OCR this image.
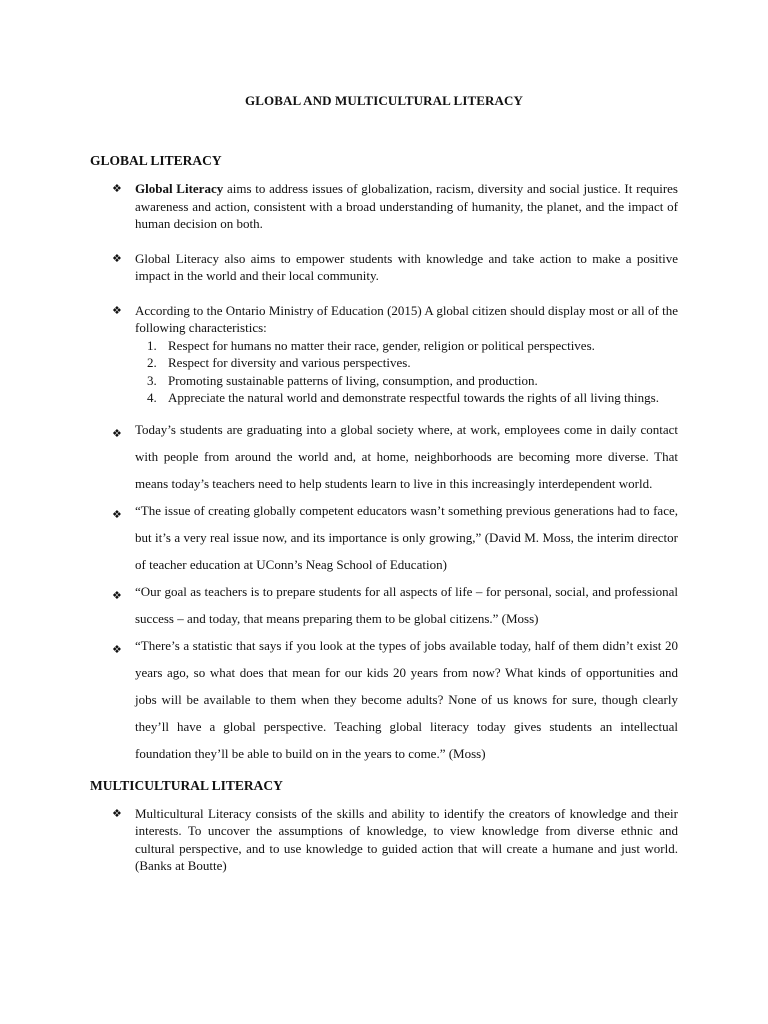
GLOBAL AND MULTICULTURAL LITERACY
GLOBAL LITERACY
❖ Global Literacy aims to address issues of globalization, racism, diversity and social justice. It requires awareness and action, consistent with a broad understanding of humanity, the planet, and the impact of human decision on both.
❖ Global Literacy also aims to empower students with knowledge and take action to make a positive impact in the world and their local community.
❖ According to the Ontario Ministry of Education (2015) A global citizen should display most or all of the following characteristics:
1. Respect for humans no matter their race, gender, religion or political perspectives.
2. Respect for diversity and various perspectives.
3. Promoting sustainable patterns of living, consumption, and production.
4. Appreciate the natural world and demonstrate respectful towards the rights of all living things.
❖ Today’s students are graduating into a global society where, at work, employees come in daily contact with people from around the world and, at home, neighborhoods are becoming more diverse. That means today’s teachers need to help students learn to live in this increasingly interdependent world.
❖ “The issue of creating globally competent educators wasn’t something previous generations had to face, but it’s a very real issue now, and its importance is only growing,” (David M. Moss, the interim director of teacher education at UConn’s Neag School of Education)
❖ “Our goal as teachers is to prepare students for all aspects of life – for personal, social, and professional success – and today, that means preparing them to be global citizens.” (Moss)
❖ “There’s a statistic that says if you look at the types of jobs available today, half of them didn’t exist 20 years ago, so what does that mean for our kids 20 years from now? What kinds of opportunities and jobs will be available to them when they become adults? None of us knows for sure, though clearly they’ll have a global perspective. Teaching global literacy today gives students an intellectual foundation they’ll be able to build on in the years to come.” (Moss)
MULTICULTURAL LITERACY
❖ Multicultural Literacy consists of the skills and ability to identify the creators of knowledge and their interests. To uncover the assumptions of knowledge, to view knowledge from diverse ethnic and cultural perspective, and to use knowledge to guided action that will create a humane and just world. (Banks at Boutte)
